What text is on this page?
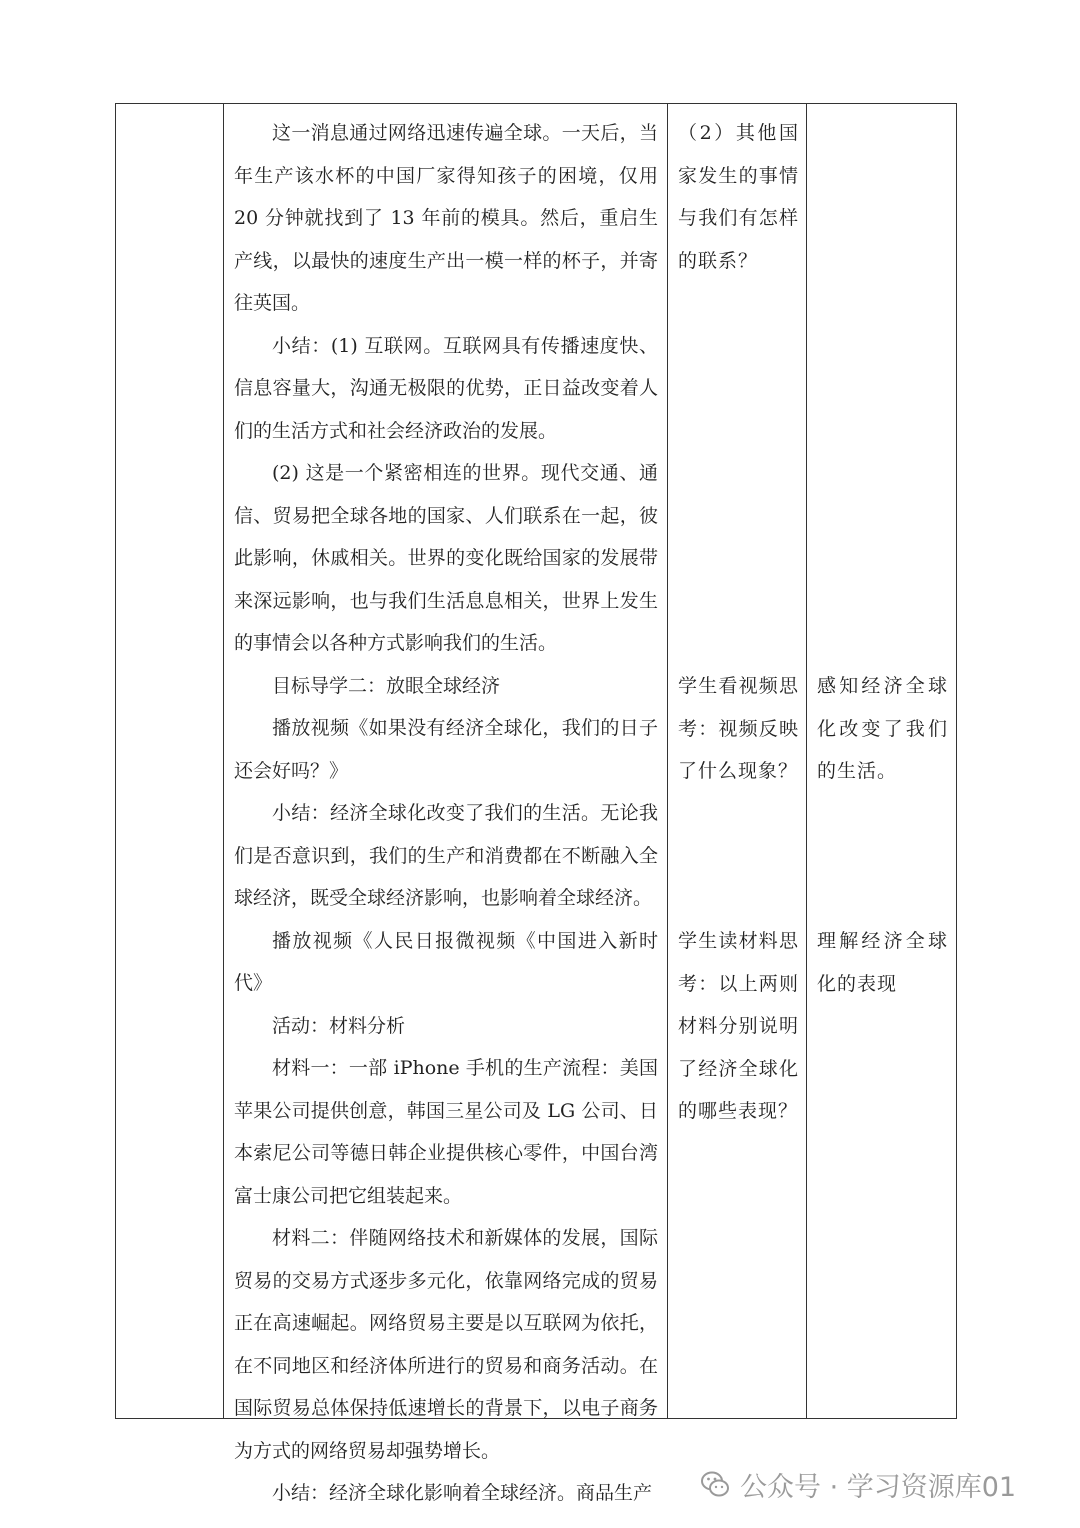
这一消息通过网络迅速传遍全球。一天后，当年生产该水杯的中国厂家得知孩子的困境，仅用 20 分钟就找到了 13 年前的模具。然后，重启生产线，以最快的速度生产出一模一样的杯子，并寄往英国。

小结：(1) 互联网。互联网具有传播速度快、信息容量大，沟通无极限的优势，正日益改变着人们的生活方式和社会经济政治的发展。

(2) 这是一个紧密相连的世界。现代交通、通信、贸易把全球各地的国家、人们联系在一起，彼此影响，休戚相关。世界的变化既给国家的发展带来深远影响，也与我们生活息息相关，世界上发生的事情会以各种方式影响我们的生活。

目标导学二：放眼全球经济

播放视频《如果没有经济全球化，我们的日子还会好吗？》

小结：经济全球化改变了我们的生活。无论我们是否意识到，我们的生产和消费都在不断融入全球经济，既受全球经济影响，也影响着全球经济。

播放视频《人民日报微视频《中国进入新时代》

活动：材料分析

材料一：一部 iPhone 手机的生产流程：美国苹果公司提供创意，韩国三星公司及 LG 公司、日本索尼公司等德日韩企业提供核心零件，中国台湾富士康公司把它组装起来。

材料二：伴随网络技术和新媒体的发展，国际贸易的交易方式逐步多元化，依靠网络完成的贸易正在高速崛起。网络贸易主要是以互联网为依托，在不同地区和经济体所进行的贸易和商务活动。在国际贸易总体保持低速增长的背景下，以电子商务为方式的网络贸易却强势增长。

小结：经济全球化影响着全球经济。商品生产

（2）其他国家发生的事情与我们有怎样的联系？

学生看视频思考：视频反映了什么现象？

学生读材料思考：以上两则材料分别说明了经济全球化的哪些表现？

感知经济全球化改变了我们的生活。

理解经济全球化的表现

公众号 · 学习资源库01
